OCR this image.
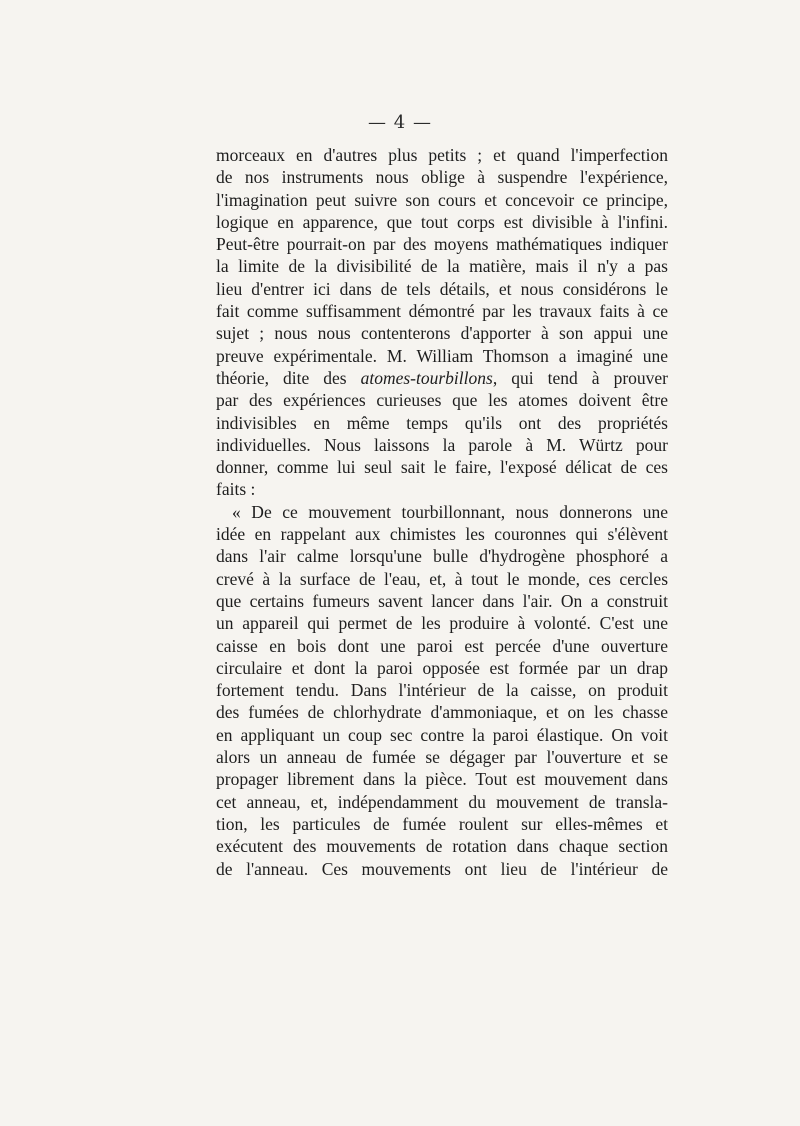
— 4 —
morceaux en d'autres plus petits ; et quand l'imperfection
de nos instruments nous oblige à suspendre l'expérience,
l'imagination peut suivre son cours et concevoir ce principe,
logique en apparence, que tout corps est divisible à l'infini.
Peut-être pourrait-on par des moyens mathématiques indiquer
la limite de la divisibilité de la matière, mais il n'y a pas
lieu d'entrer ici dans de tels détails, et nous considérons le
fait comme suffisamment démontré par les travaux faits à ce
sujet ; nous nous contenterons d'apporter à son appui une
preuve expérimentale. M. William Thomson a imaginé une
théorie, dite des atomes-tourbillons, qui tend à prouver
par des expériences curieuses que les atomes doivent être
indivisibles en même temps qu'ils ont des propriétés
individuelles. Nous laissons la parole à M. Würtz pour
donner, comme lui seul sait le faire, l'exposé délicat de ces
faits :
« De ce mouvement tourbillonnant, nous donnerons une
idée en rappelant aux chimistes les couronnes qui s'élèvent
dans l'air calme lorsqu'une bulle d'hydrogène phosphoré a
crevé à la surface de l'eau, et, à tout le monde, ces cercles
que certains fumeurs savent lancer dans l'air. On a construit
un appareil qui permet de les produire à volonté. C'est une
caisse en bois dont une paroi est percée d'une ouverture
circulaire et dont la paroi opposée est formée par un drap
fortement tendu. Dans l'intérieur de la caisse, on produit
des fumées de chlorhydrate d'ammoniaque, et on les chasse
en appliquant un coup sec contre la paroi élastique. On voit
alors un anneau de fumée se dégager par l'ouverture et se
propager librement dans la pièce. Tout est mouvement dans
cet anneau, et, indépendamment du mouvement de transla-
tion, les particules de fumée roulent sur elles-mêmes et
exécutent des mouvements de rotation dans chaque section
de l'anneau. Ces mouvements ont lieu de l'intérieur de
